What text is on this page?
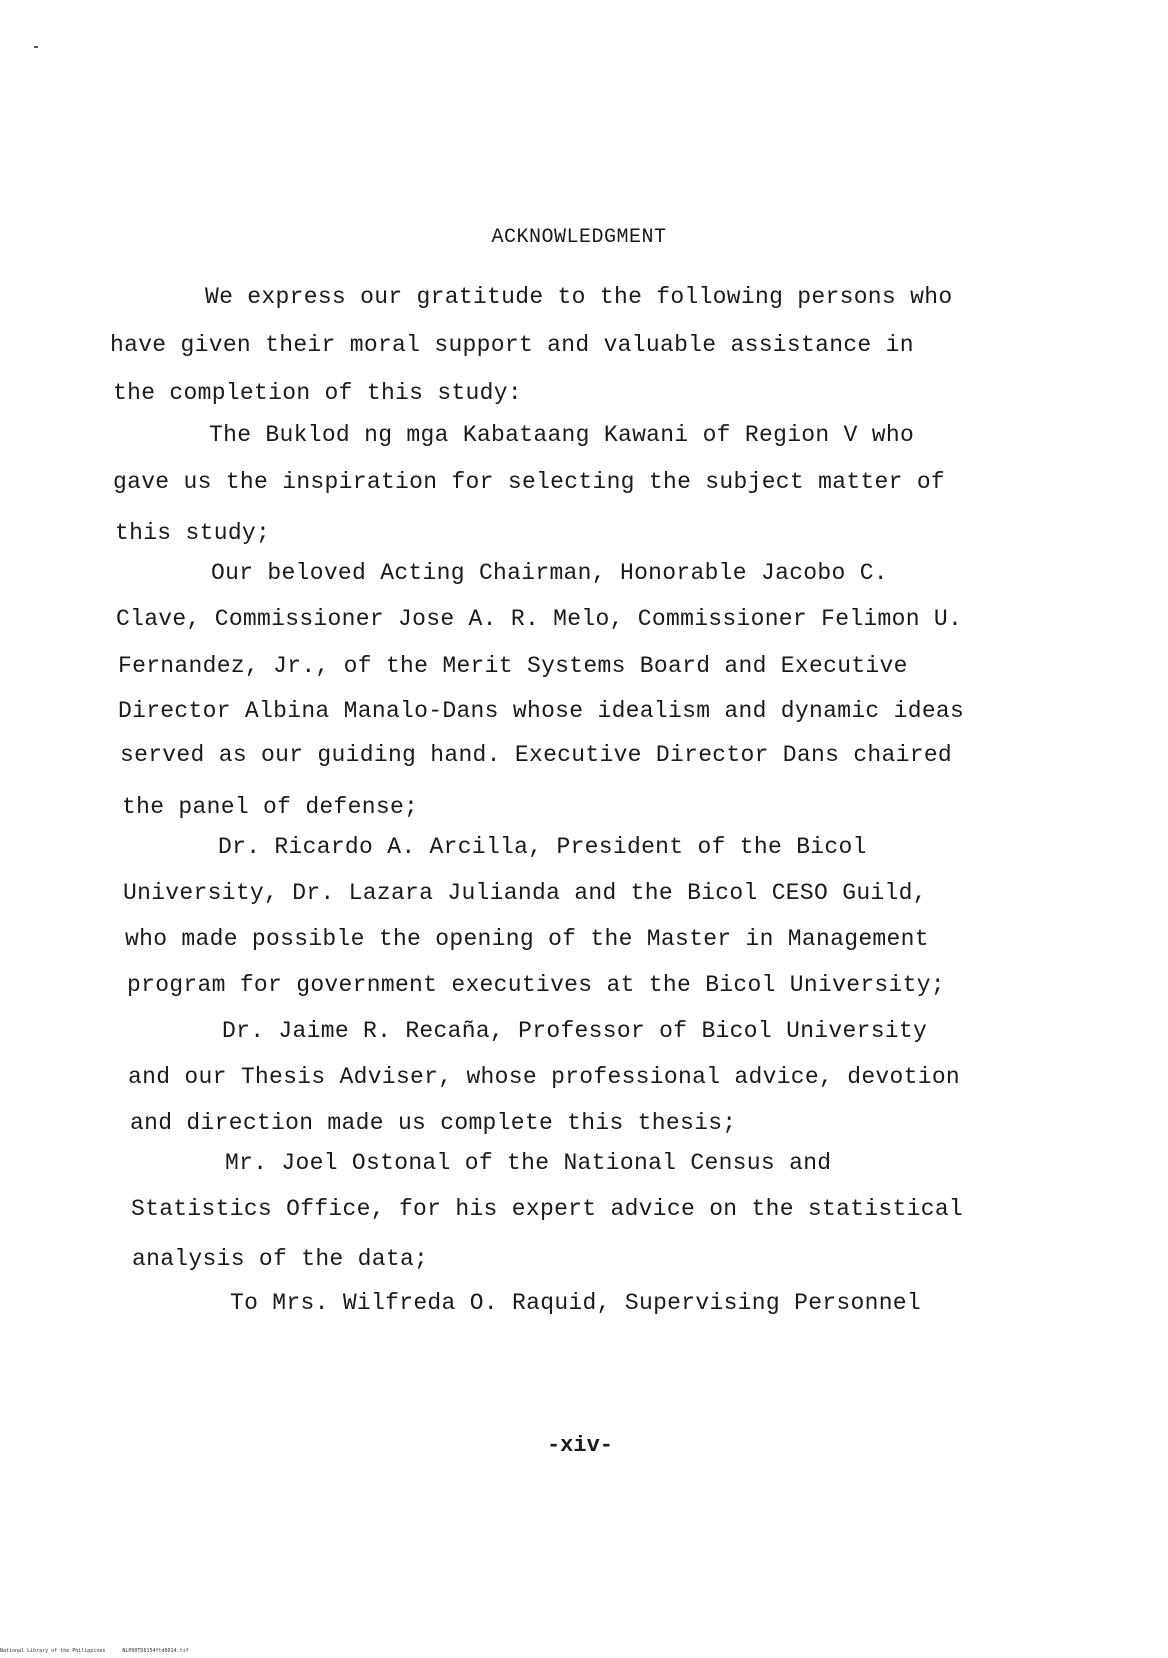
ACKNOWLEDGMENT
We express our gratitude to the following persons who
have given their moral support and valuable assistance in
the completion of this study:
The Buklod ng mga Kabataang Kawani of Region V who
gave us the inspiration for selecting the subject matter of
this study;
Our beloved Acting Chairman, Honorable Jacobo C.
Clave, Commissioner Jose A. R. Melo, Commissioner Felimon U.
Fernandez, Jr., of the Merit Systems Board and Executive
Director Albina Manalo-Dans whose idealism and dynamic ideas
served as our guiding hand. Executive Director Dans chaired
the panel of defense;
Dr. Ricardo A. Arcilla, President of the Bicol
University, Dr. Lazara Julianda and the Bicol CESO Guild,
who made possible the opening of the Master in Management
program for government executives at the Bicol University;
Dr. Jaime R. Recaña, Professor of Bicol University
and our Thesis Adviser, whose professional advice, devotion
and direction made us complete this thesis;
Mr. Joel Ostonal of the National Census and
Statistics Office, for his expert advice on the statistical
analysis of the data;
To Mrs. Wilfreda O. Raquid, Supervising Personnel
-xiv-
National Library of the Philippines	NLP00TD6154ftd0014.tif
